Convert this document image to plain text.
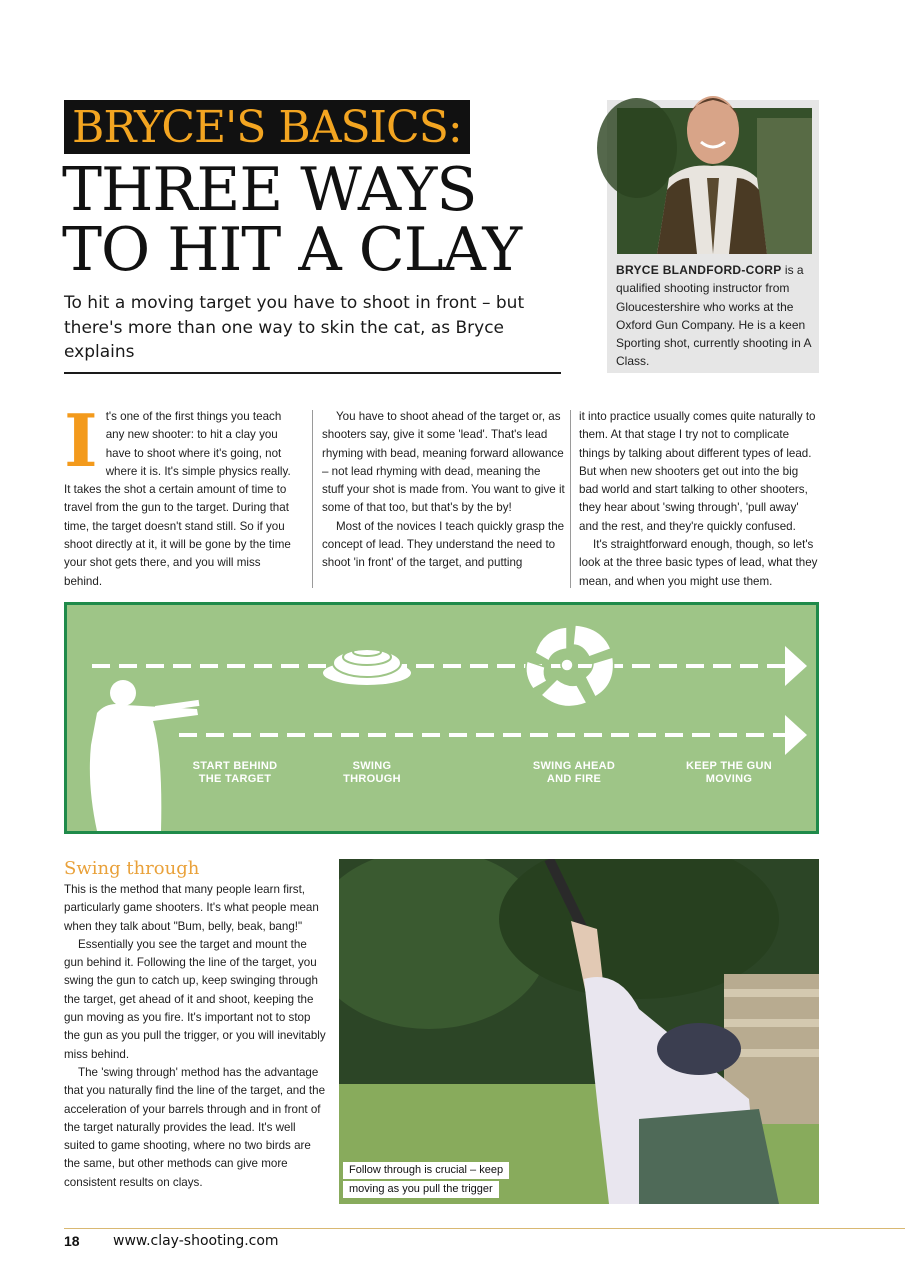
BRYCE'S BASICS:
THREE WAYS
TO HIT A CLAY
To hit a moving target you have to shoot in front – but there's more than one way to skin the cat, as Bryce explains
BRYCE BLANDFORD-CORP is a qualified shooting instructor from Gloucestershire who works at the Oxford Gun Company. He is a keen Sporting shot, currently shooting in A Class.
I t's one of the first things you teach any new shooter: to hit a clay you have to shoot where it's going, not where it is. It's simple physics really. It takes the shot a certain amount of time to travel from the gun to the target. During that time, the target doesn't stand still. So if you shoot directly at it, it will be gone by the time your shot gets there, and you will miss behind.

You have to shoot ahead of the target or, as shooters say, give it some 'lead'. That's lead rhyming with bead, meaning forward allowance – not lead rhyming with dead, meaning the stuff your shot is made from. You want to give it some of that too, but that's by the by!

Most of the novices I teach quickly grasp the concept of lead. They understand the need to shoot 'in front' of the target, and putting

it into practice usually comes quite naturally to them. At that stage I try not to complicate things by talking about different types of lead. But when new shooters get out into the big bad world and start talking to other shooters, they hear about 'swing through', 'pull away' and the rest, and they're quickly confused.

It's straightforward enough, though, so let's look at the three basic types of lead, what they mean, and when you might use them.

START BEHIND
THE TARGET
SWING
THROUGH
SWING AHEAD
AND FIRE
KEEP THE GUN
MOVING
Swing through

This is the method that many people learn first, particularly game shooters. It's what people mean when they talk about "Bum, belly, beak, bang!"

Essentially you see the target and mount the gun behind it. Following the line of the target, you swing the gun to catch up, keep swinging through the target, get ahead of it and shoot, keeping the gun moving as you fire. It's important not to stop the gun as you pull the trigger, or you will inevitably miss behind.

The 'swing through' method has the advantage that you naturally find the line of the target, and the acceleration of your barrels through and in front of the target naturally provides the lead. It's well suited to game shooting, where no two birds are the same, but other methods can give more consistent results on clays.

Follow through is crucial – keep
moving as you pull the trigger
18 www.clay-shooting.com
